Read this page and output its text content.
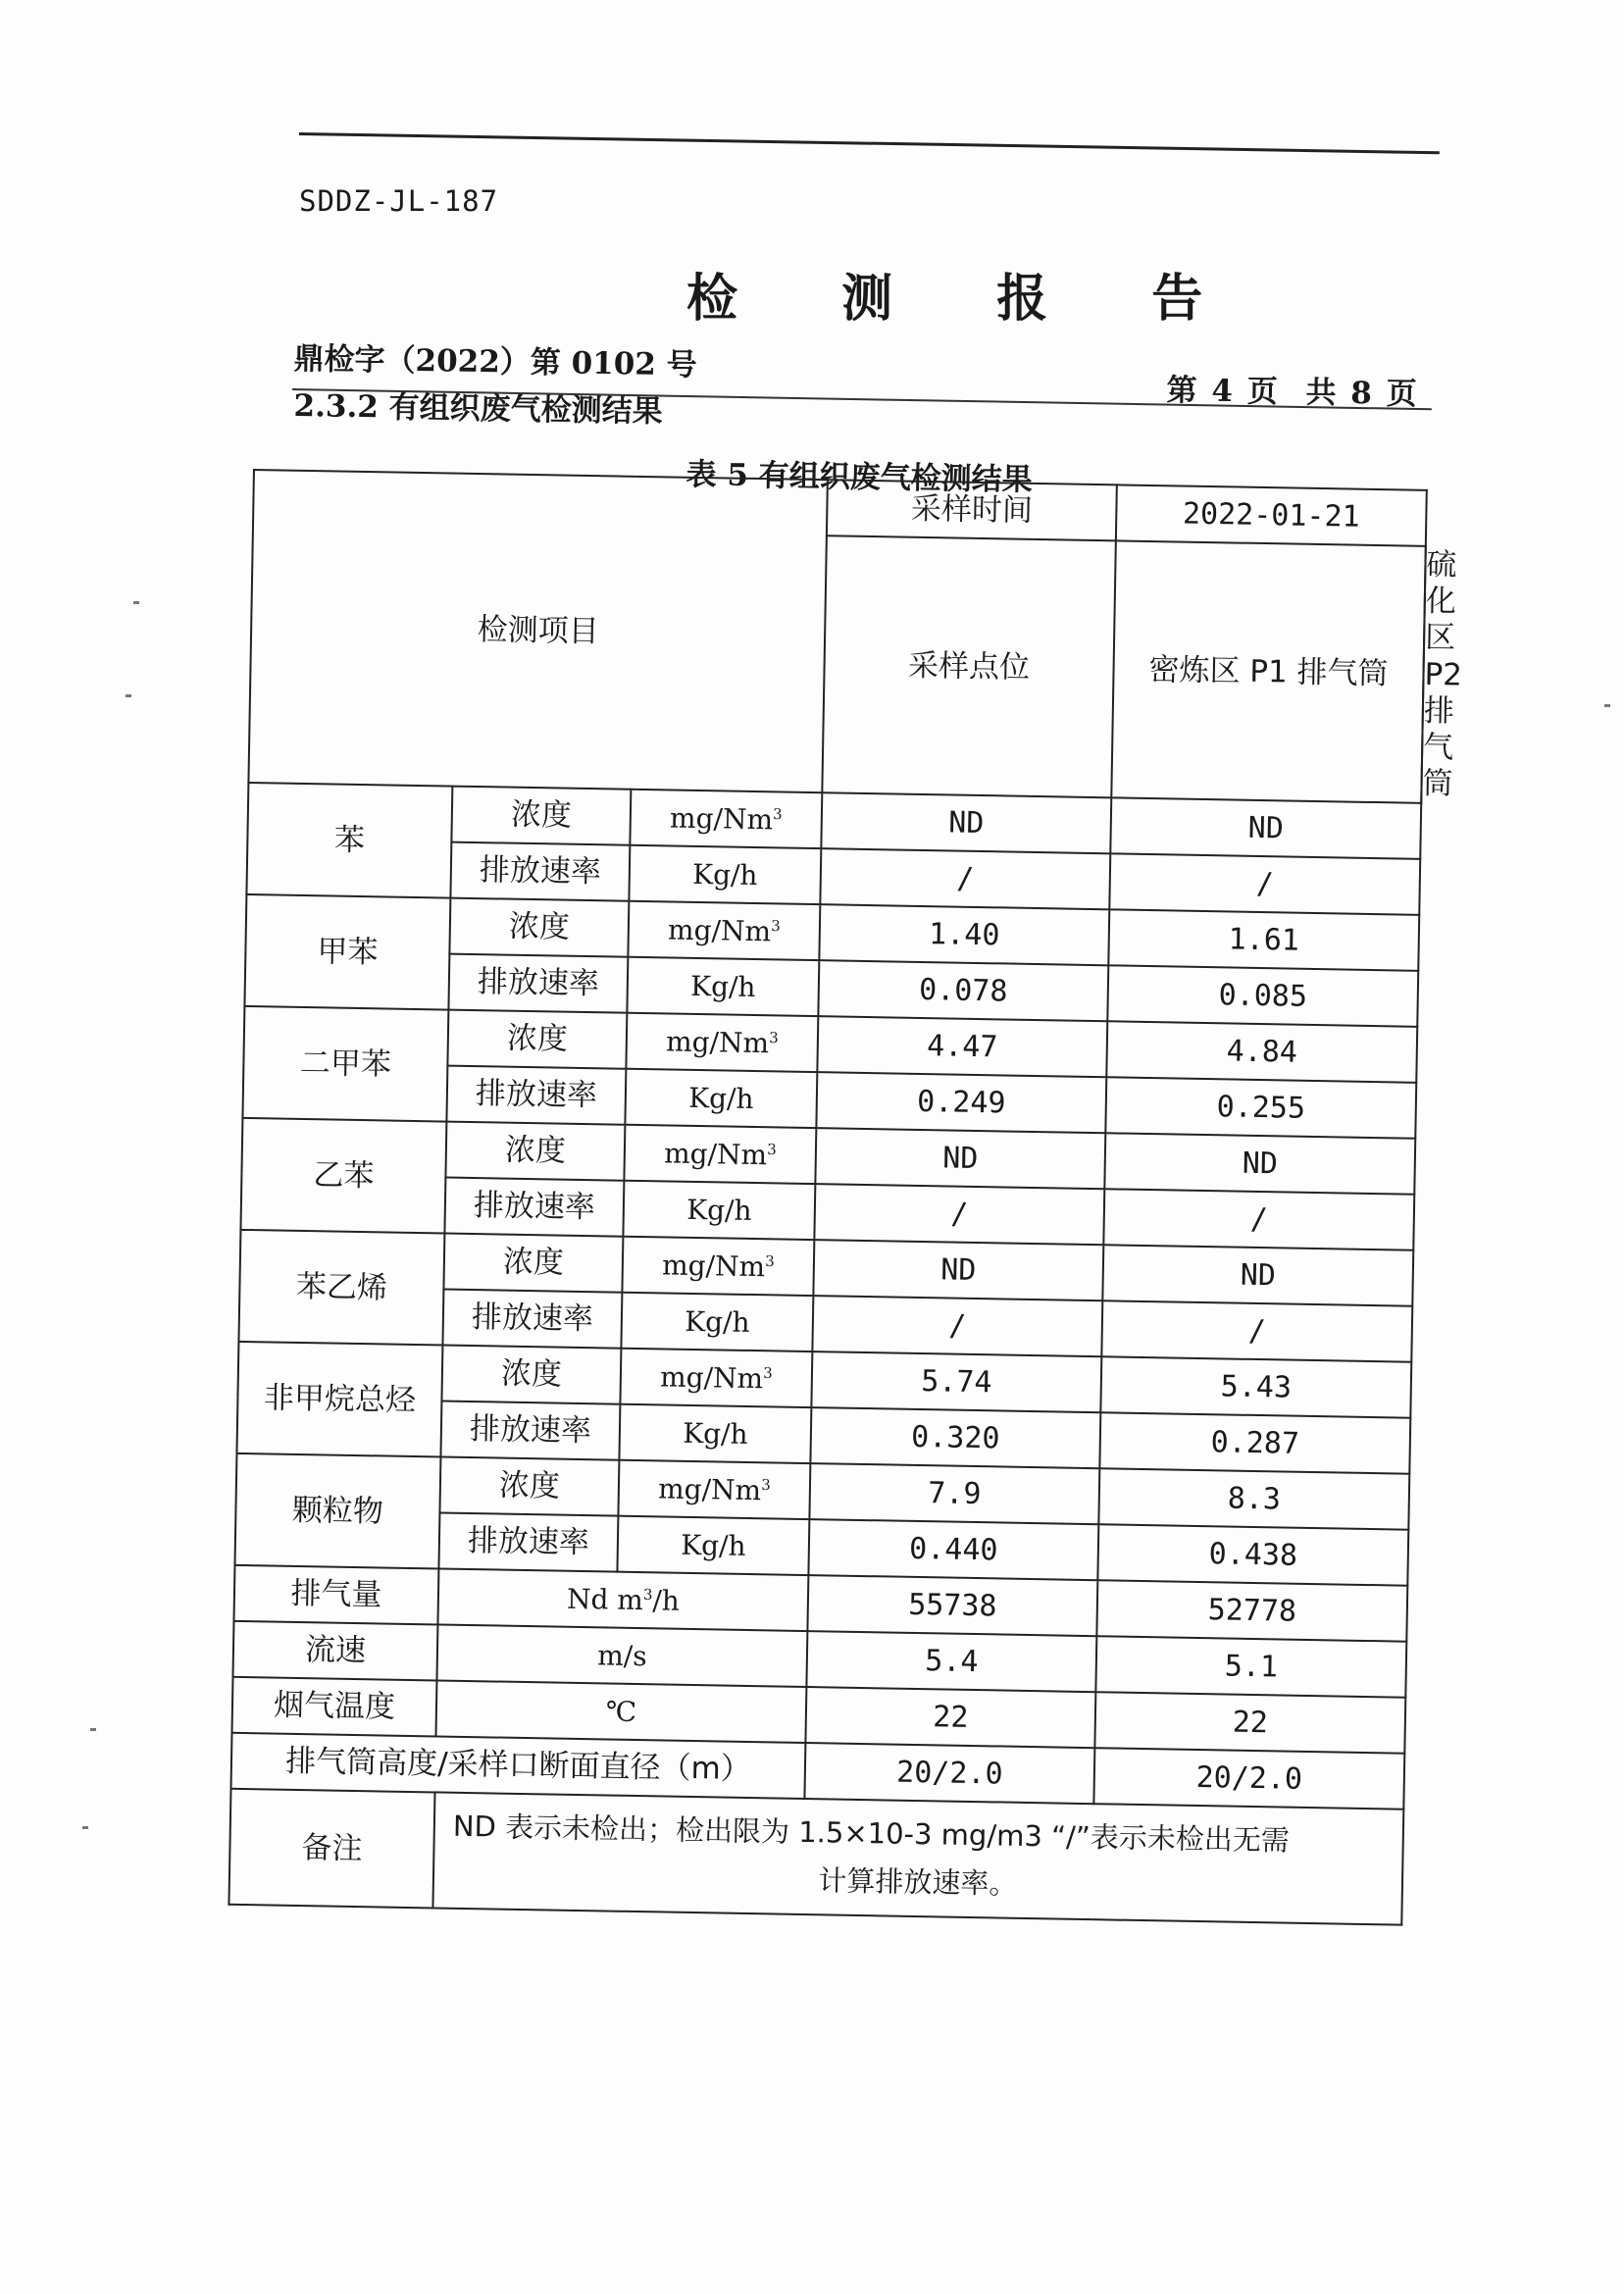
SDDZ-JL-187
检 测 报 告
鼎检字（2022）第 0102 号
第 4 页 共 8 页
2.3.2 有组织废气检测结果
表 5 有组织废气检测结果
检测项目			采样时间	2022-01-21	
			采样点位	密炼区 P1 排气筒	硫化区 P2 排气筒
苯	浓度	mg/Nm$^3$	ND	ND	
	排放速率	Kg/h	/	/	
甲苯	浓度	mg/Nm$^3$	1.40	1.61	
	排放速率	Kg/h	0.078	0.085	
二甲苯	浓度	mg/Nm$^3$	4.47	4.84	
	排放速率	Kg/h	0.249	0.255	
乙苯	浓度	mg/Nm$^3$	ND	ND	
	排放速率	Kg/h	/	/	
苯乙烯	浓度	mg/Nm$^3$	ND	ND	
	排放速率	Kg/h	/	/	
非甲烷总烃	浓度	mg/Nm$^3$	5.74	5.43	
	排放速率	Kg/h	0.320	0.287	
颗粒物	浓度	mg/Nm$^3$	7.9	8.3	
	排放速率	Kg/h	0.440	0.438	
排气量	Nd $m^3/h$		55738	52778	
流速	m/s		5.4	5.1	
烟气温度	℃		22	22	
排气筒高度/采样口断面直径（m）			20/2.0	20/2.0	
备注	ND 表示未检出；检出限为 1.5×10-3 mg/m3 “/”表示未检出无需
计算排放速率。				
